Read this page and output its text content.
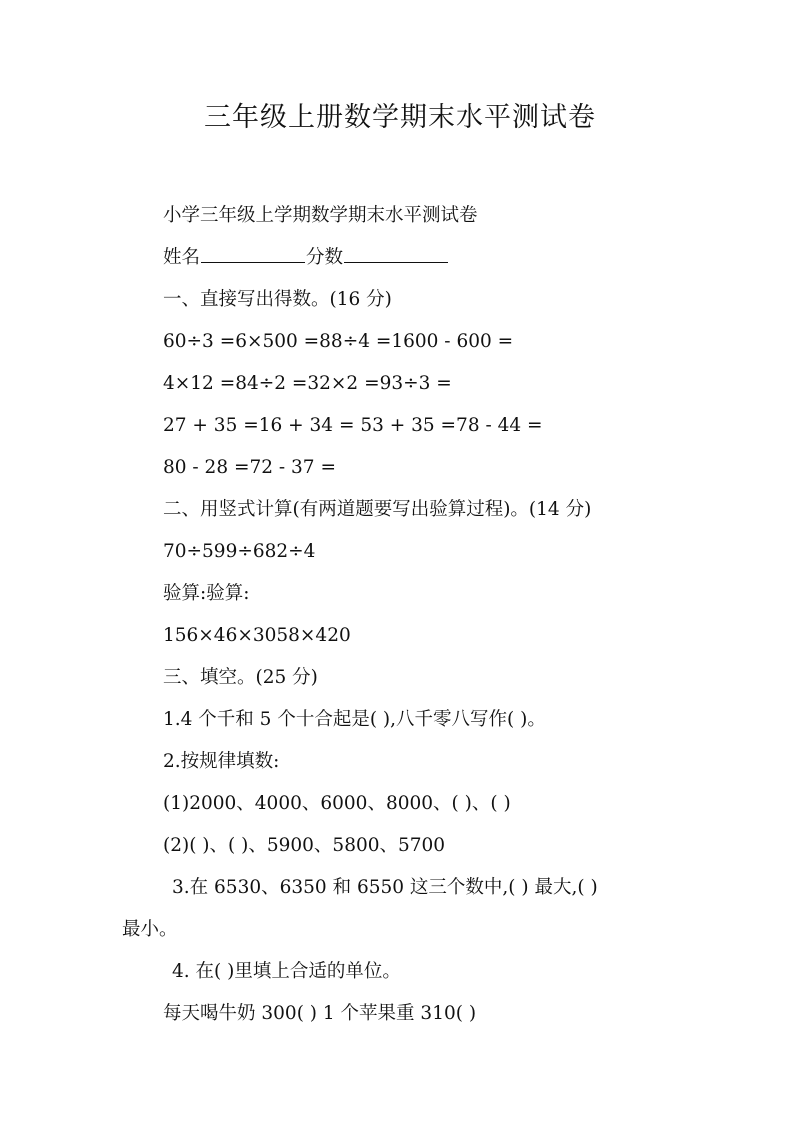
三年级上册数学期末水平测试卷
小学三年级上学期数学期末水平测试卷
姓名	分数
一、直接写出得数。(16 分)
60÷3 =6×500 =88÷4 =1600 - 600 =
4×12 =84÷2 =32×2 =93÷3 =
27 + 35 =16 + 34 = 53 + 35 =78 - 44 =
80 - 28 =72 - 37 =
二、用竖式计算(有两道题要写出验算过程)。(14 分)
70÷599÷682÷4
验算:验算:
156×46×3058×420
三、填空。(25 分)
1.4 个千和 5 个十合起是( ),八千零八写作( )。
2.按规律填数:
(1)2000、4000、6000、8000、( )、( )
(2)( )、( )、5900、5800、5700
3.在 6530、6350 和 6550 这三个数中,( ) 最大,( )
最小。
4. 在( )里填上合适的单位。
每天喝牛奶 300( ) 1 个苹果重 310( )
